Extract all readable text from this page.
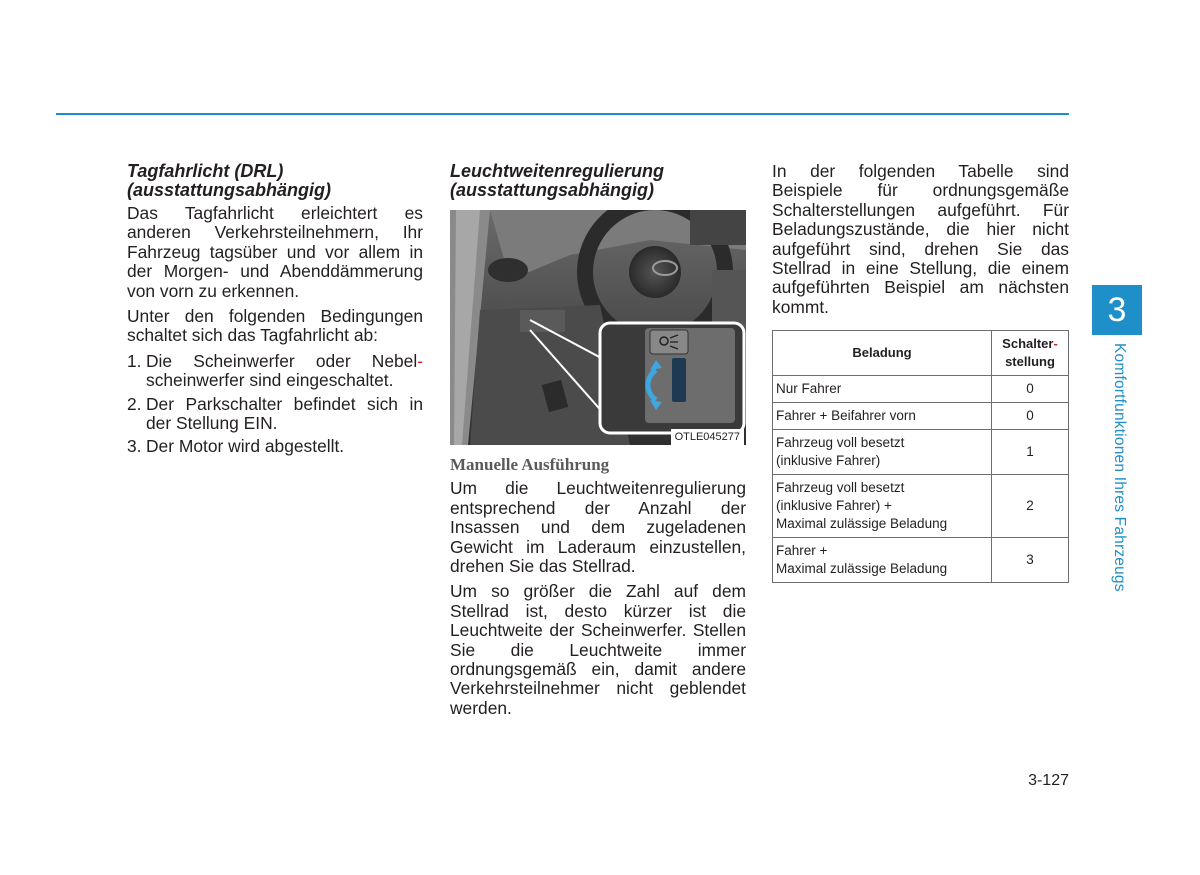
Tagfahrlicht (DRL)
(ausstattungsabhängig)

Das Tagfahrlicht erleichtert es anderen Verkehrsteilnehmern, Ihr Fahrzeug tagsüber und vor allem in der Morgen- und Abenddämmerung von vorn zu erkennen.

Unter den folgenden Bedingungen schaltet sich das Tagfahrlicht ab:

1. Die Scheinwerfer oder Nebel- scheinwerfer sind eingeschaltet.
2. Der Parkschalter befindet sich in der Stellung EIN.
3. Der Motor wird abgestellt.
Leuchtweitenregulierung
(ausstattungsabhängig)
OTLE045277
Manuelle Ausführung

Um die Leuchtweitenregulierung entsprechend der Anzahl der Insassen und dem zugeladenen Gewicht im Laderaum einzustellen, drehen Sie das Stellrad.

Um so größer die Zahl auf dem Stellrad ist, desto kürzer ist die Leuchtweite der Scheinwerfer. Stellen Sie die Leuchtweite immer ordnungsgemäß ein, damit andere Verkehrsteilnehmer nicht geblendet werden.

In der folgenden Tabelle sind Beispiele für ordnungsgemäße Schalterstellungen aufgeführt. Für Beladungszustände, die hier nicht aufgeführt sind, drehen Sie das Stellrad in eine Stellung, die einem aufgeführten Beispiel am nächsten kommt.

Beladung	Schalter-
stellung
Nur Fahrer	0
Fahrer + Beifahrer vorn	0
Fahrzeug voll besetzt
(inklusive Fahrer)	1
Fahrzeug voll besetzt
(inklusive Fahrer) +
Maximal zulässige Beladung	2
Fahrer +
Maximal zulässige Beladung	3
3
Komfortfunktionen Ihres Fahrzeugs
3-127
